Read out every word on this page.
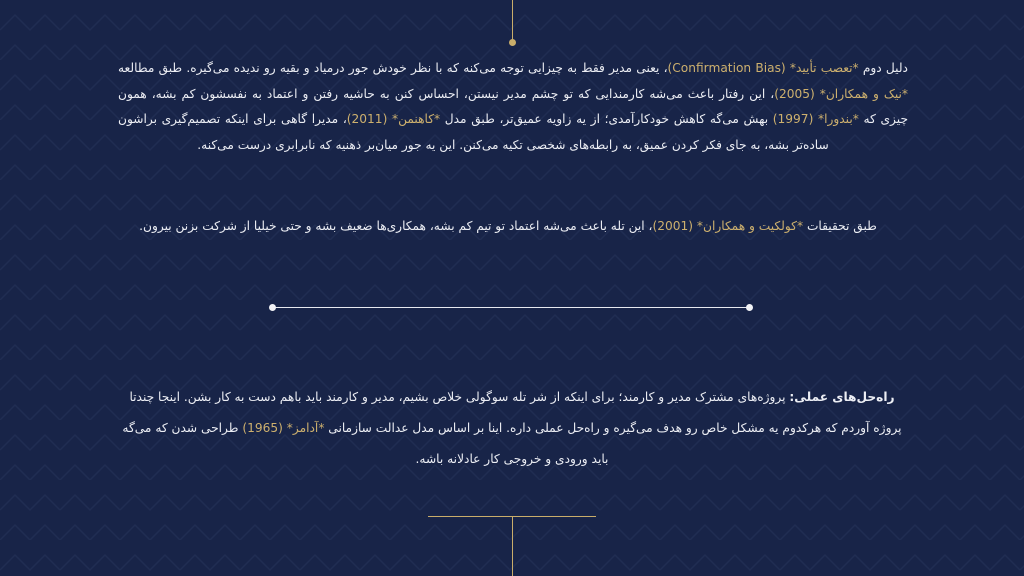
دلیل دوم *تعصب تأیید* (Confirmation Bias)، یعنی مدیر فقط به چیزایی توجه می‌کنه که با نظر خودش جور درمیاد و بقیه رو ندیده می‌گیره. طبق مطالعه *نیک و همکاران* (2005)، این رفتار باعث می‌شه کارمندایی که تو چشم مدیر نیستن، احساس کنن به حاشیه رفتن و اعتماد به نفسشون کم بشه، همون چیزی که *بندورا* (1997) بهش می‌گه کاهش خودکارآمدی؛ از یه زاویه عمیق‌تر، طبق مدل *کاهنمن* (2011)، مدیرا گاهی برای اینکه تصمیم‌گیری براشون ساده‌تر بشه، به جای فکر کردن عمیق، به رابطه‌های شخصی تکیه می‌کنن. این یه جور میان‌بر ذهنیه که نابرابری درست می‌کنه.
طبق تحقیقات *کولکیت و همکاران* (2001)، این تله باعث می‌شه اعتماد تو تیم کم بشه، همکاری‌ها ضعیف بشه و حتی خیلیا از شرکت بزنن بیرون.
راه‌حل‌های عملی: پروژه‌های مشترک مدیر و کارمند؛ برای اینکه از شر تله سوگولی خلاص بشیم، مدیر و کارمند باید باهم دست به کار بشن. اینجا چندتا پروژه آوردم که هرکدوم یه مشکل خاص رو هدف می‌گیره و راه‌حل عملی داره. اینا بر اساس مدل عدالت سازمانی *آدامز* (1965) طراحی شدن که می‌گه باید ورودی و خروجی کار عادلانه باشه.
